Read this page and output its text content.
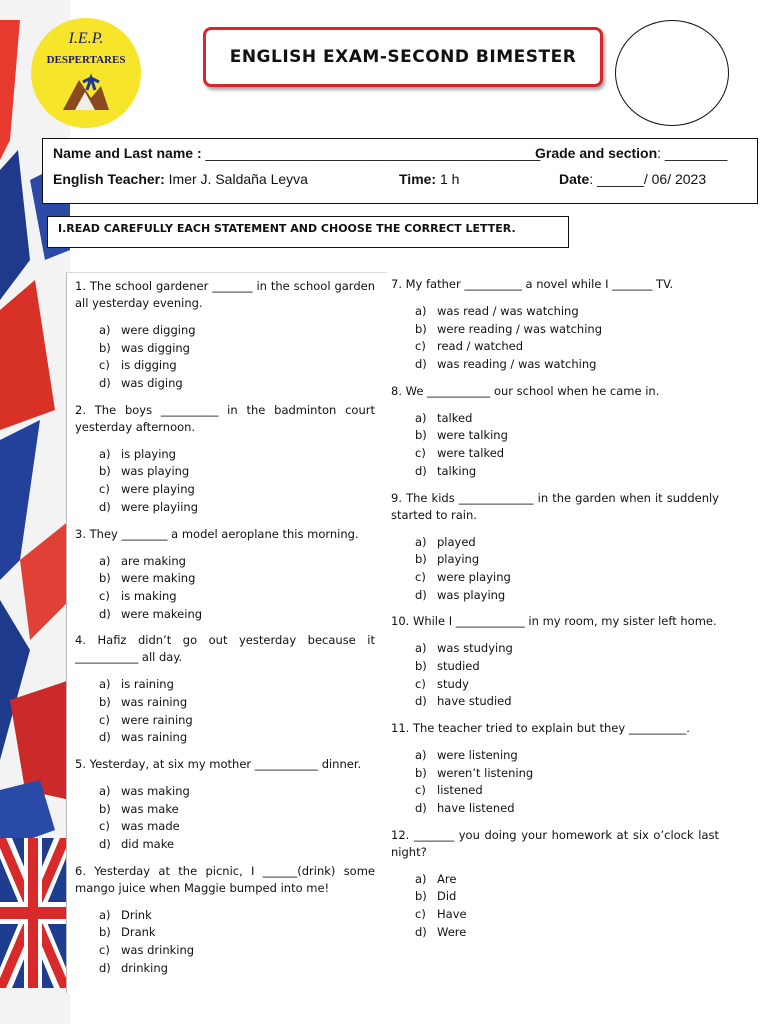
I.E.P.
DESPERTARES	ENGLISH EXAM-SECOND BIMESTER
Name and Last name : ___________________________________________
Grade and section: ________
English Teacher: Imer J. Saldaña Leyva	Time: 1 h	Date: ______/ 06/ 2023
I.READ CAREFULLY EACH STATEMENT AND CHOOSE THE CORRECT LETTER.

1. The school gardener _______ in the school garden all yesterday evening.

a) were digging
b) was digging
c) is digging
d) was diging

2. The boys __________ in the badminton court yesterday afternoon.

a) is playing
b) was playing
c) were playing
d) were playiing

3. They ________ a model aeroplane this morning.

a) are making
b) were making
c) is making
d) were makeing

4. Hafiz didn’t go out yesterday because it ___________ all day.

a) is raining
b) was raining
c) were raining
d) was raining

5. Yesterday, at six my mother ___________ dinner.

a) was making
b) was make
c) was made
d) did make

6. Yesterday at the picnic, I ______(drink) some mango juice when Maggie bumped into me!

a) Drink
b) Drank
c) was drinking
d) drinking

7. My father __________ a novel while I _______ TV.

a) was read / was watching
b) were reading / was watching
c) read / watched
d) was reading / was watching

8. We ___________ our school when he came in.

a) talked
b) were talking
c) were talked
d) talking

9. The kids _____________ in the garden when it suddenly started to rain.

a) played
b) playing
c) were playing
d) was playing

10. While I ____________ in my room, my sister left home.

a) was studying
b) studied
c) study
d) have studied

11. The teacher tried to explain but they __________.

a) were listening
b) weren’t listening
c) listened
d) have listened

12. _______ you doing your homework at six o’clock last night?

a) Are
b) Did
c) Have
d) Were
